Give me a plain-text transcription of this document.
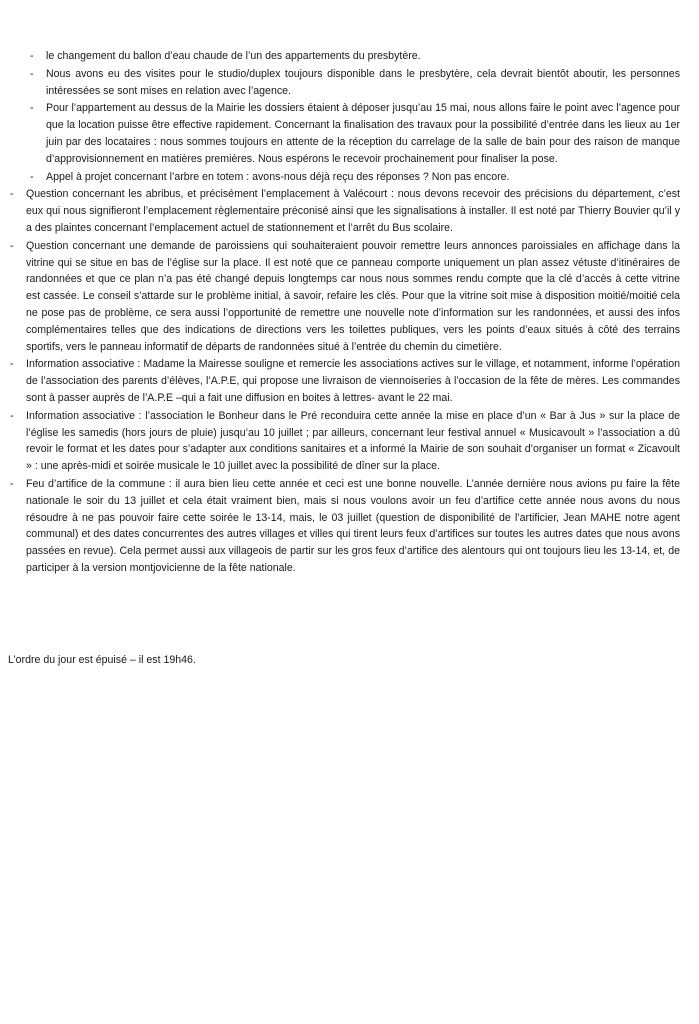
- le changement du ballon d’eau chaude de l’un des appartements du presbytère.
- Nous avons eu des visites pour le studio/duplex toujours disponible dans le presbytère, cela devrait bientôt aboutir, les personnes intéressées se sont mises en relation avec l’agence.
- Pour l’appartement au dessus de la Mairie les dossiers étaient à déposer jusqu’au 15 mai, nous allons faire le point avec l’agence pour que la location puisse être effective rapidement. Concernant la finalisation des travaux pour la possibilité d’entrée dans les lieux au 1er juin par des locataires : nous sommes toujours en attente de la réception du carrelage de la salle de bain pour des raison de manque d’approvisionnement en matières premières. Nous espérons le recevoir prochainement pour finaliser la pose.
- Appel à projet concernant l’arbre en totem : avons-nous déjà reçu des réponses ? Non pas encore.
- Question concernant les abribus, et précisément l’emplacement à Valécourt : nous devons recevoir des précisions du département, c’est eux qui nous signifieront l’emplacement règlementaire préconisé ainsi que les signalisations à installer. Il est noté par Thierry Bouvier qu’il y a des plaintes concernant l’emplacement actuel de stationnement et l’arrêt du Bus scolaire.
- Question concernant une demande de paroissiens qui souhaiteraient pouvoir remettre leurs annonces paroissiales en affichage dans la vitrine qui se situe en bas de l’église sur la place. Il est noté que ce panneau comporte uniquement un plan assez vétuste d’itinéraires de randonnées et que ce plan n’a pas été changé depuis longtemps car nous nous sommes rendu compte que la clé d’accès à cette vitrine est cassée. Le conseil s’attarde sur le problème initial, à savoir, refaire les clés. Pour que la vitrine soit mise à disposition moitié/moitié cela ne pose pas de problème, ce sera aussi l’opportunité de remettre une nouvelle note d’information sur les randonnées, et aussi des infos complémentaires telles que des indications de directions vers les toilettes publiques, vers les points d’eaux situés à côté des terrains sportifs, vers le panneau informatif de départs de randonnées situé à l’entrée du chemin du cimetière.
- Information associative : Madame la Mairesse souligne et remercie les associations actives sur le village, et notamment, informe l’opération de l’association des parents d’élèves, l’A.P.E, qui propose une livraison de viennoiseries à l’occasion de la fête de mères. Les commandes sont à passer auprès de l’A.P.E –qui a fait une diffusion en boites à lettres- avant le 22 mai.
- Information associative : l’association le Bonheur dans le Pré reconduira cette année la mise en place d’un « Bar à Jus » sur la place de l’église les samedis (hors jours de pluie) jusqu’au 10 juillet ; par ailleurs, concernant leur festival annuel « Musicavoult » l’association a dû revoir le format et les dates pour s’adapter aux conditions sanitaires et a informé la Mairie de son souhait d’organiser un format « Zicavoult » : une après-midi et soirée musicale le 10 juillet avec la possibilité de dîner sur la place.
- Feu d’artifice de la commune : il aura bien lieu cette année et ceci est une bonne nouvelle. L’année dernière nous avions pu faire la fête nationale le soir du 13 juillet et cela était vraiment bien, mais si nous voulons avoir un feu d’artifice cette année nous avons du nous résoudre à ne pas pouvoir faire cette soirée le 13-14, mais, le 03 juillet (question de disponibilité de l’artificier, Jean MAHE notre agent communal) et des dates concurrentes des autres villages et villes qui tirent leurs feux d’artifices sur toutes les autres dates que nous avons passées en revue). Cela permet aussi aux villageois de partir sur les gros feux d’artifice des alentours qui ont toujours lieu les 13-14, et, de participer à la version montjovicienne de la fête nationale.
L’ordre du jour est épuisé – il est 19h46.
